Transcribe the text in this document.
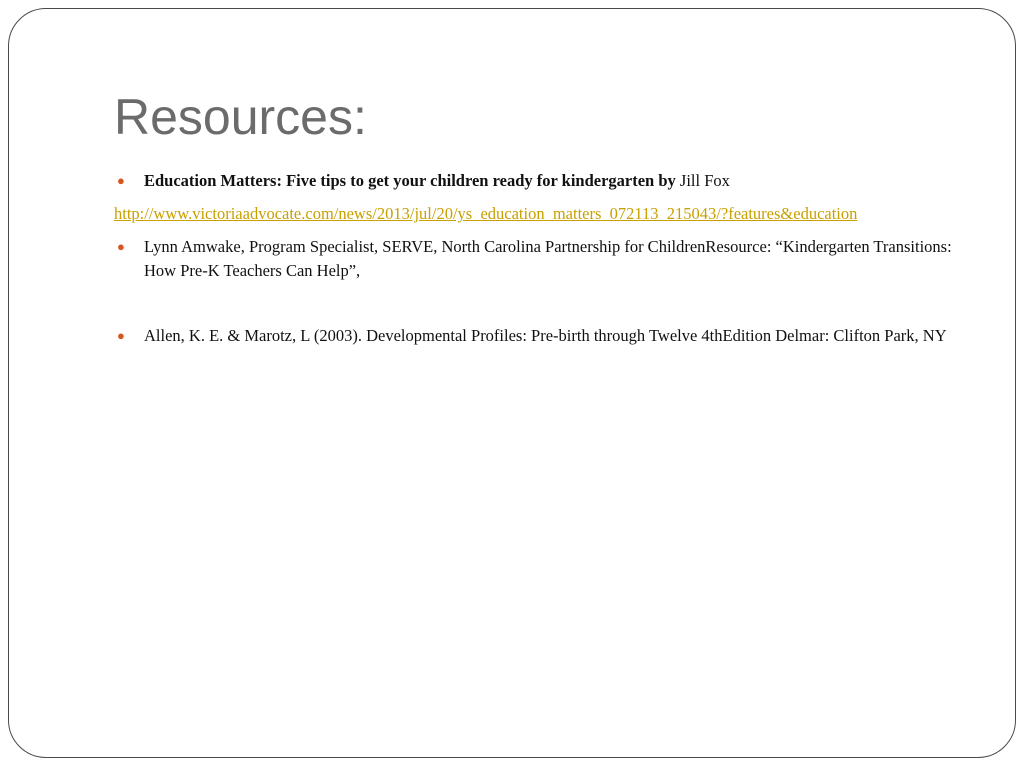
Resources:

● Education Matters: Five tips to get your children ready for kindergarten by Jill Fox

http://www.victoriaadvocate.com/news/2013/jul/20/ys_education_matters_072113_215043/?features&education

● Lynn Amwake, Program Specialist, SERVE, North Carolina Partnership for ChildrenResource: “Kindergarten Transitions: How Pre-K Teachers Can Help”,

● Allen, K. E. & Marotz, L (2003). Developmental Profiles: Pre-birth through Twelve 4thEdition Delmar: Clifton Park, NY
